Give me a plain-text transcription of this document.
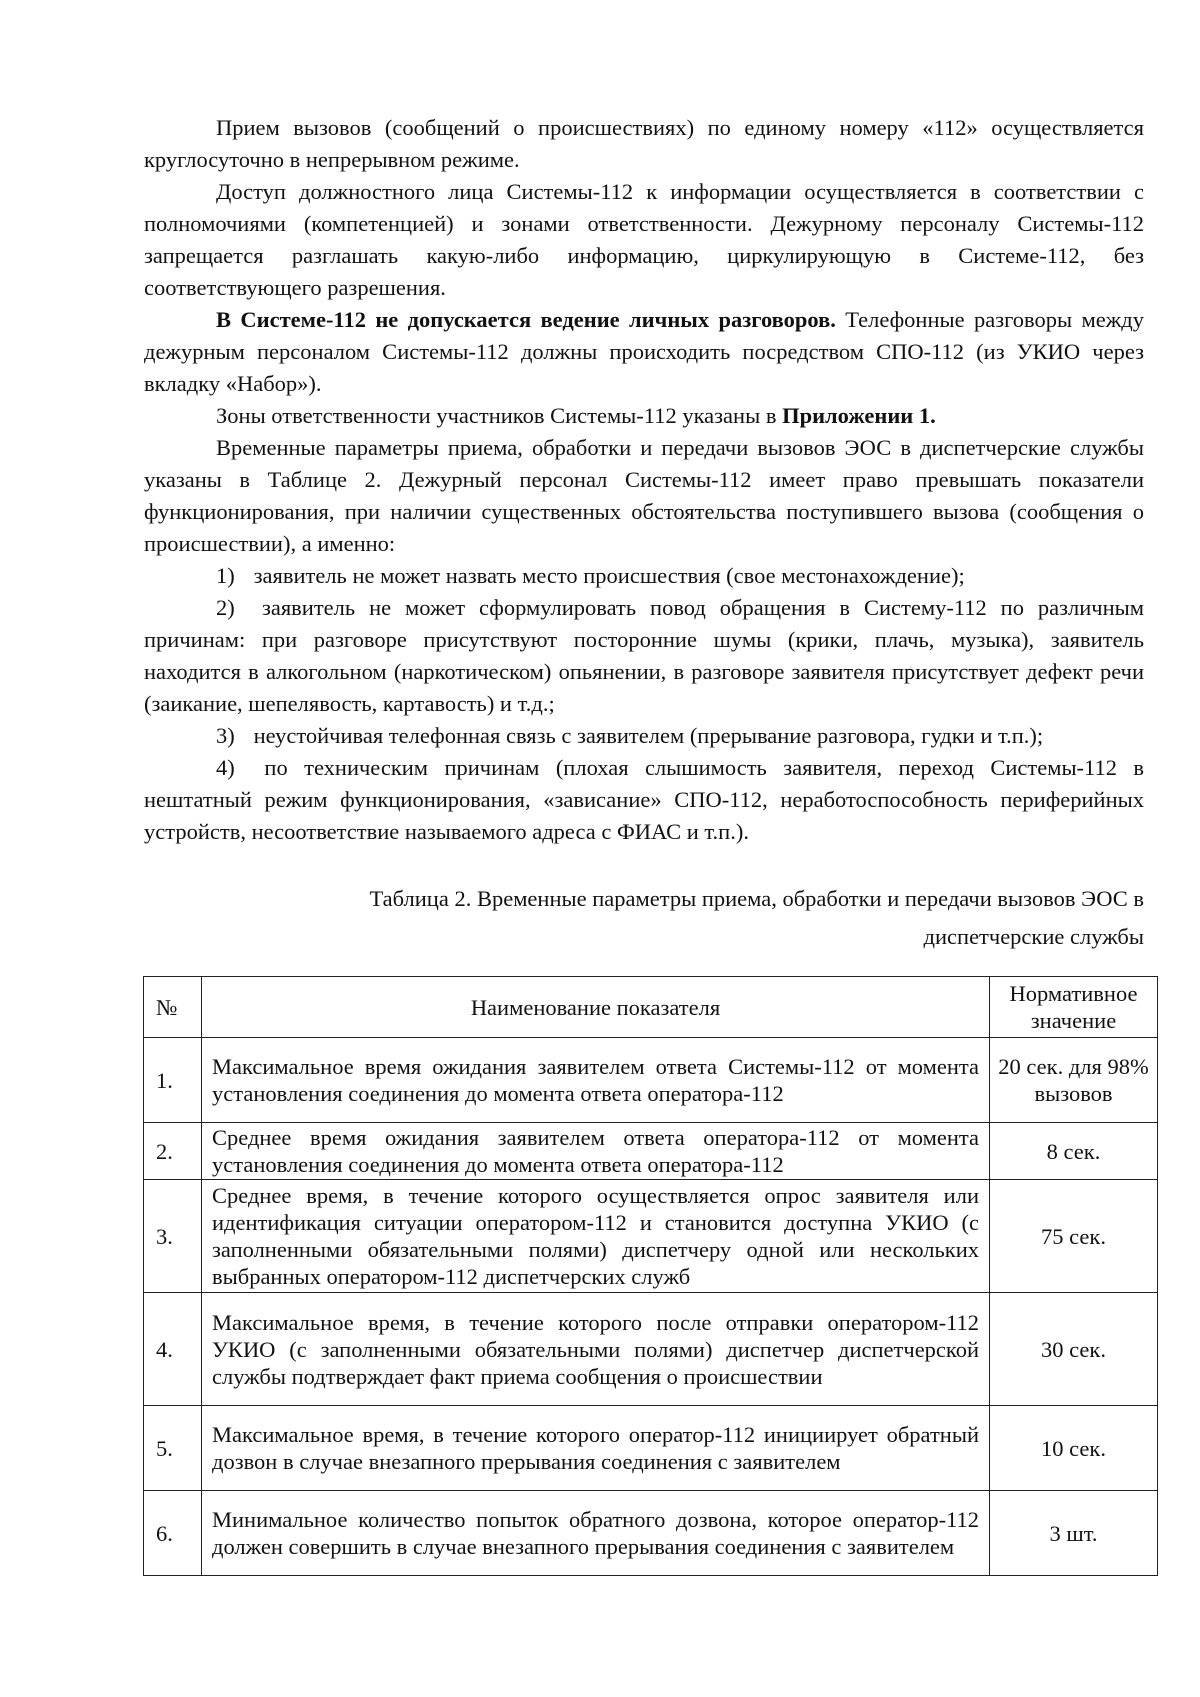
Прием вызовов (сообщений о происшествиях) по единому номеру «112» осуществляется круглосуточно в непрерывном режиме.

Доступ должностного лица Системы-112 к информации осуществляется в соответствии с полномочиями (компетенцией) и зонами ответственности. Дежурному персоналу Системы-112 запрещается разглашать какую-либо информацию, циркулирующую в Системе-112, без соответствующего разрешения.

В Системе-112 не допускается ведение личных разговоров. Телефонные разговоры между дежурным персоналом Системы-112 должны происходить посредством СПО-112 (из УКИО через вкладку «Набор»).

Зоны ответственности участников Системы-112 указаны в Приложении 1.

Временные параметры приема, обработки и передачи вызовов ЭОС в диспетчерские службы указаны в Таблице 2. Дежурный персонал Системы-112 имеет право превышать показатели функционирования, при наличии существенных обстоятельства поступившего вызова (сообщения о происшествии), а именно:

1) заявитель не может назвать место происшествия (свое местонахождение);

2) заявитель не может сформулировать повод обращения в Систему-112 по различным причинам: при разговоре присутствуют посторонние шумы (крики, плачь, музыка), заявитель находится в алкогольном (наркотическом) опьянении, в разговоре заявителя присутствует дефект речи (заикание, шепелявость, картавость) и т.д.;

3) неустойчивая телефонная связь с заявителем (прерывание разговора, гудки и т.п.);

4) по техническим причинам (плохая слышимость заявителя, переход Системы-112 в нештатный режим функционирования, «зависание» СПО-112, неработоспособность периферийных устройств, несоответствие называемого адреса с ФИАС и т.п.).

Таблица 2. Временные параметры приема, обработки и передачи вызовов ЭОС в
диспетчерские службы
№	Наименование показателя	Нормативное значение
1.	Максимальное время ожидания заявителем ответа Системы-112 от момента установления соединения до момента ответа оператора-112	20 сек. для 98% вызовов
2.	Среднее время ожидания заявителем ответа оператора-112 от момента установления соединения до момента ответа оператора-112	8 сек.
3.	Среднее время, в течение которого осуществляется опрос заявителя или идентификация ситуации оператором-112 и становится доступна УКИО (с заполненными обязательными полями) диспетчеру одной или нескольких выбранных оператором-112 диспетчерских служб	75 сек.
4.	Максимальное время, в течение которого после отправки оператором-112 УКИО (с заполненными обязательными полями) диспетчер диспетчерской службы подтверждает факт приема сообщения о происшествии	30 сек.
5.	Максимальное время, в течение которого оператор-112 инициирует обратный дозвон в случае внезапного прерывания соединения с заявителем	10 сек.
6.	Минимальное количество попыток обратного дозвона, которое оператор-112 должен совершить в случае внезапного прерывания соединения с заявителем	3 шт.
